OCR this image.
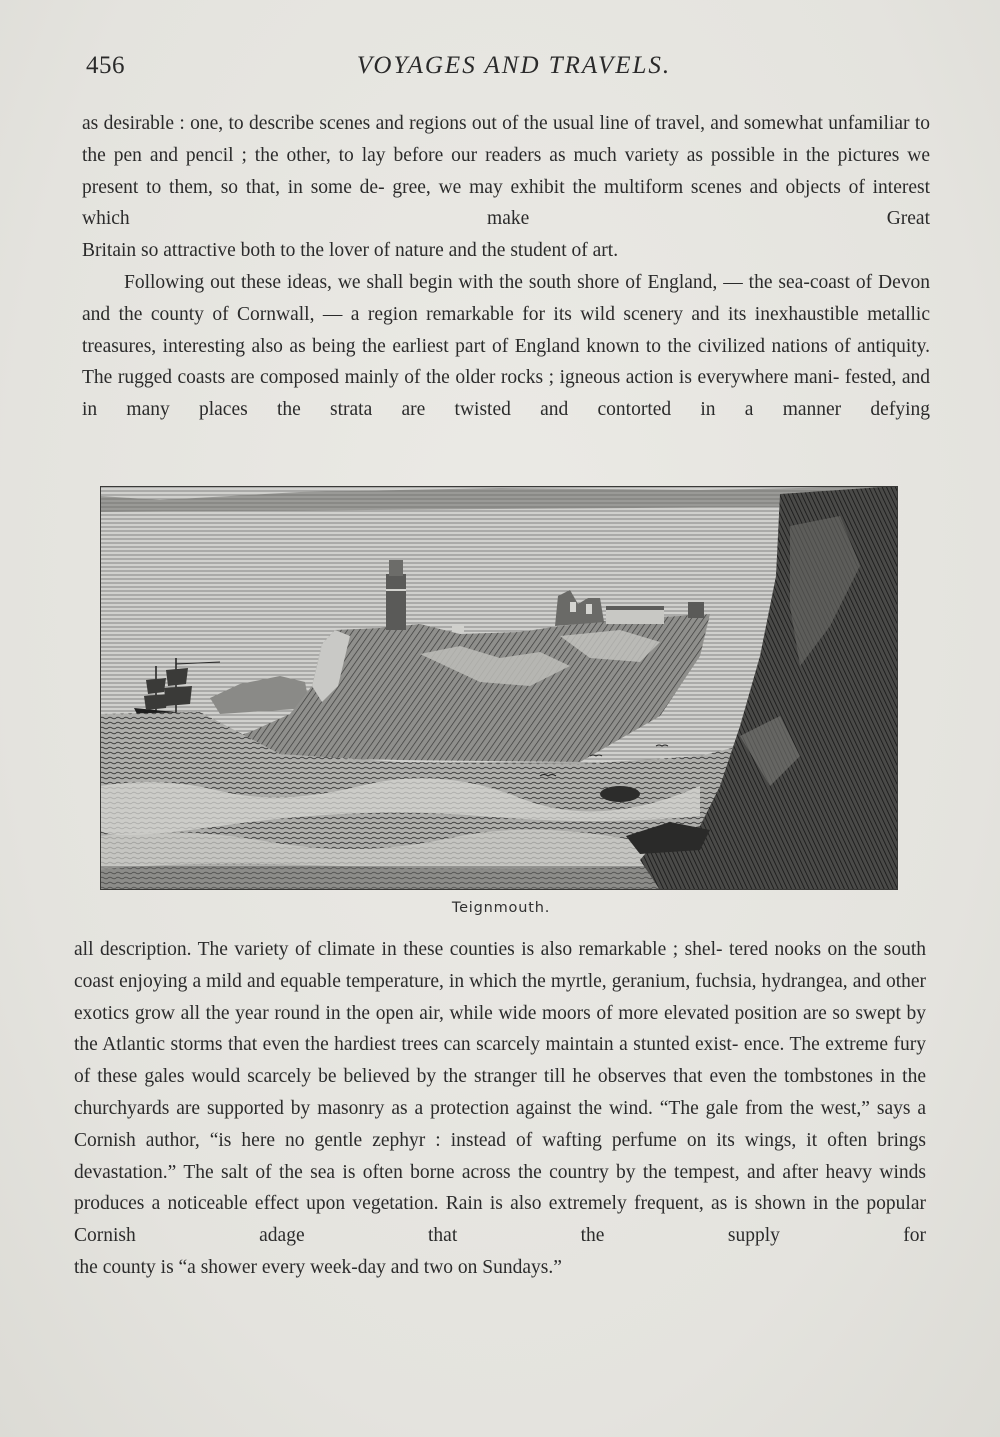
456	VOYAGES AND TRAVELS.

as desirable : one, to describe scenes and regions out of the usual line of travel, and somewhat unfamiliar to the pen and pencil ; the other, to lay before our readers as much variety as possible in the pictures we present to them, so that, in some de- gree, we may exhibit the multiform scenes and objects of interest which make Great

Britain so attractive both to the lover of nature and the student of art.

Following out these ideas, we shall begin with the south shore of England, — the sea-coast of Devon and the county of Cornwall, — a region remarkable for its wild scenery and its inexhaustible metallic treasures, interesting also as being the earliest part of England known to the civilized nations of antiquity. The rugged coasts are composed mainly of the older rocks ; igneous action is everywhere mani- fested, and in many places the strata are twisted and contorted in a manner defying

Teignmouth.

all description. The variety of climate in these counties is also remarkable ; shel- tered nooks on the south coast enjoying a mild and equable temperature, in which the myrtle, geranium, fuchsia, hydrangea, and other exotics grow all the year round in the open air, while wide moors of more elevated position are so swept by the Atlantic storms that even the hardiest trees can scarcely maintain a stunted exist- ence. The extreme fury of these gales would scarcely be believed by the stranger till he observes that even the tombstones in the churchyards are supported by masonry as a protection against the wind. “The gale from the west,” says a Cornish author, “is here no gentle zephyr : instead of wafting perfume on its wings, it often brings devastation.” The salt of the sea is often borne across the country by the tempest, and after heavy winds produces a noticeable effect upon vegetation. Rain is also extremely frequent, as is shown in the popular Cornish adage that the supply for

the county is “a shower every week-day and two on Sundays.”
